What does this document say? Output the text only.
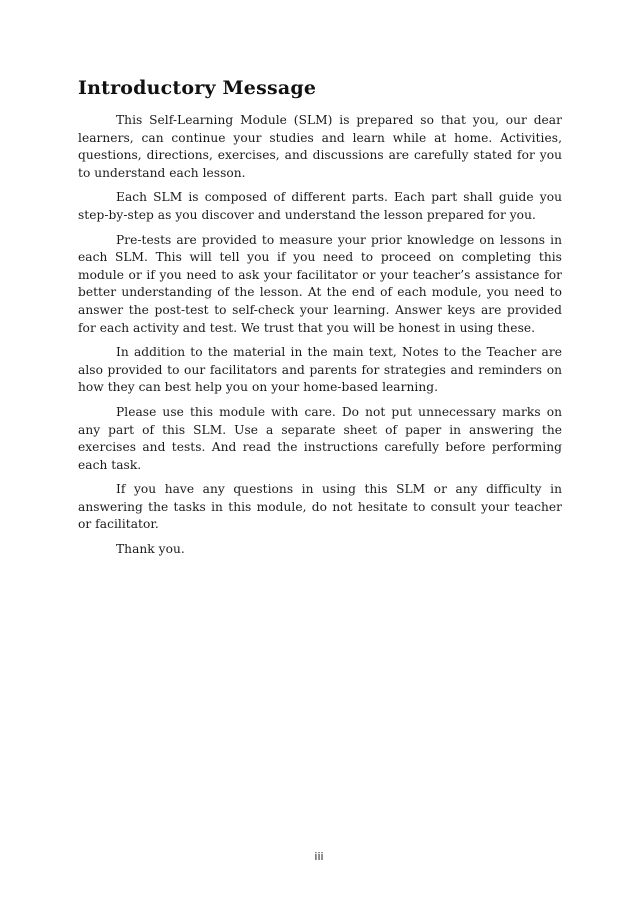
Introductory Message

This Self-Learning Module (SLM) is prepared so that you, our dear learners, can continue your studies and learn while at home. Activities, questions, directions, exercises, and discussions are carefully stated for you to understand each lesson.

Each SLM is composed of different parts. Each part shall guide you step-by-step as you discover and understand the lesson prepared for you.

Pre-tests are provided to measure your prior knowledge on lessons in each SLM. This will tell you if you need to proceed on completing this module or if you need to ask your facilitator or your teacher’s assistance for better understanding of the lesson. At the end of each module, you need to answer the post-test to self-check your learning. Answer keys are provided for each activity and test. We trust that you will be honest in using these.

In addition to the material in the main text, Notes to the Teacher are also provided to our facilitators and parents for strategies and reminders on how they can best help you on your home-based learning.

Please use this module with care. Do not put unnecessary marks on any part of this SLM. Use a separate sheet of paper in answering the exercises and tests. And read the instructions carefully before performing each task.

If you have any questions in using this SLM or any difficulty in answering the tasks in this module, do not hesitate to consult your teacher or facilitator.

Thank you.

iii
